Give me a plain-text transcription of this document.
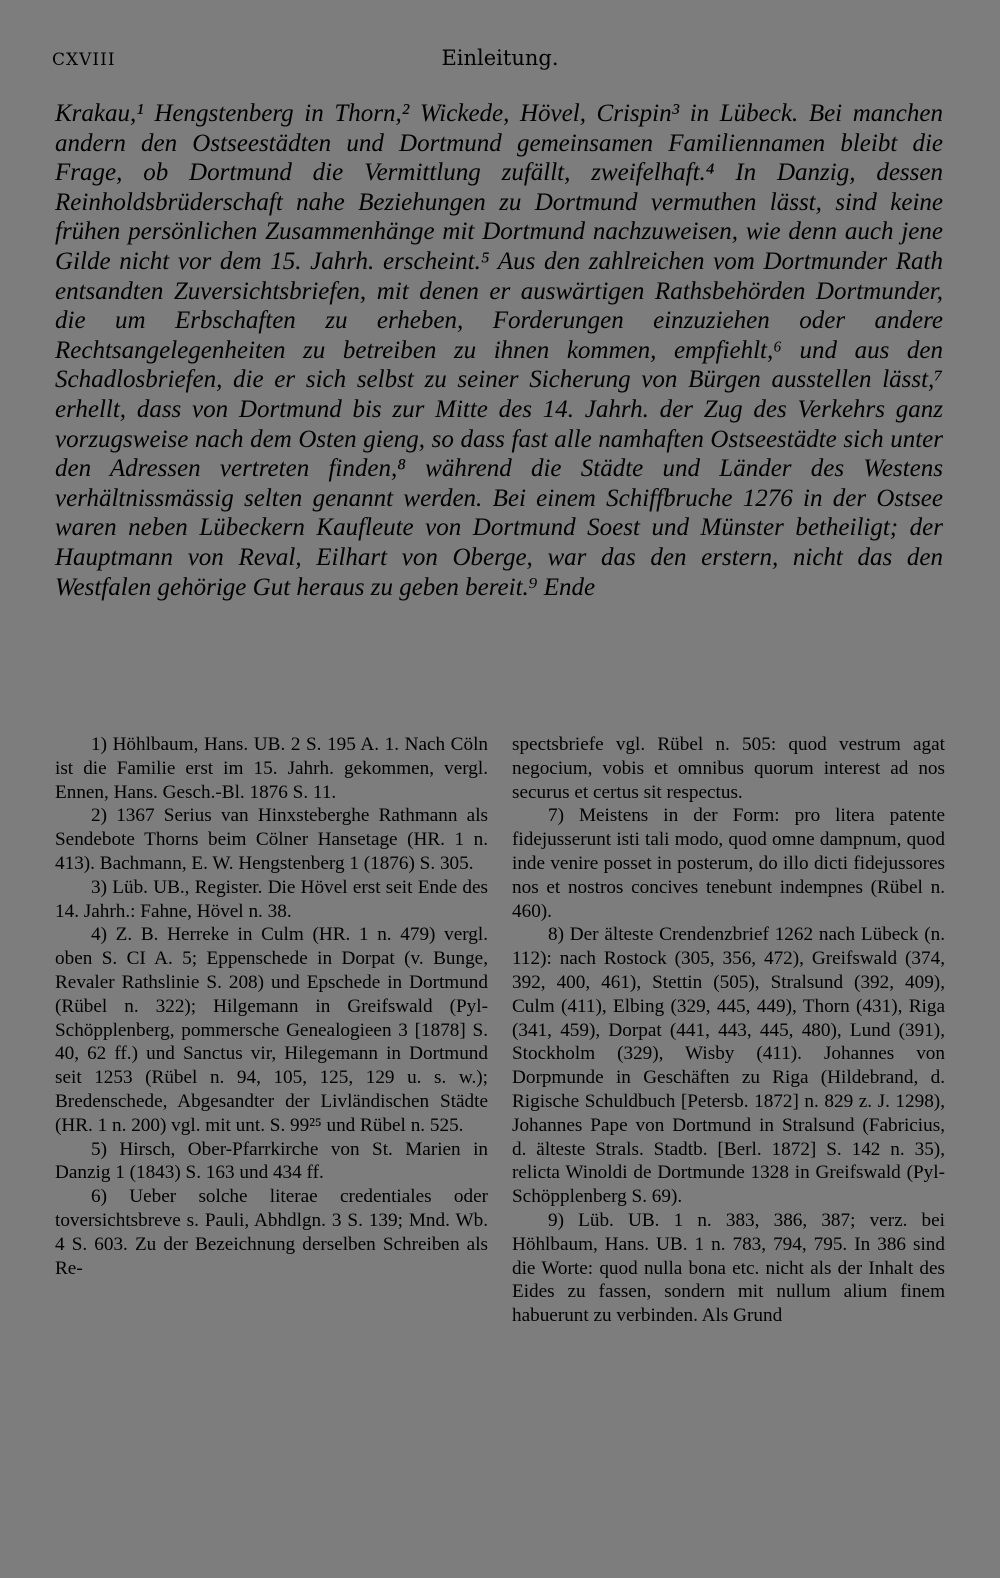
CXVIII	Einleitung.

Krakau,¹ Hengstenberg in Thorn,² Wickede, Hövel, Crispin³ in Lübeck. Bei manchen andern den Ostseestädten und Dortmund gemeinsamen Familiennamen bleibt die Frage, ob Dortmund die Vermittlung zufällt, zweifelhaft.⁴ In Danzig, dessen Reinholdsbrüderschaft nahe Beziehungen zu Dortmund vermuthen lässt, sind keine frühen persönlichen Zusammenhänge mit Dortmund nachzuweisen, wie denn auch jene Gilde nicht vor dem 15. Jahrh. erscheint.⁵ Aus den zahlreichen vom Dortmunder Rath entsandten Zuversichtsbriefen, mit denen er auswärtigen Rathsbehörden Dortmunder, die um Erbschaften zu erheben, Forderungen einzuziehen oder andere Rechtsangelegenheiten zu betreiben zu ihnen kommen, empfiehlt,⁶ und aus den Schadlosbriefen, die er sich selbst zu seiner Sicherung von Bürgen ausstellen lässt,⁷ erhellt, dass von Dortmund bis zur Mitte des 14. Jahrh. der Zug des Verkehrs ganz vorzugsweise nach dem Osten gieng, so dass fast alle namhaften Ostseestädte sich unter den Adressen vertreten finden,⁸ während die Städte und Länder des Westens verhältnissmässig selten genannt werden. Bei einem Schiffbruche 1276 in der Ostsee waren neben Lübeckern Kaufleute von Dortmund Soest und Münster betheiligt; der Hauptmann von Reval, Eilhart von Oberge, war das den erstern, nicht das den Westfalen gehörige Gut heraus zu geben bereit.⁹ Ende

1) Höhlbaum, Hans. UB. 2 S. 195 A. 1. Nach Cöln ist die Familie erst im 15. Jahrh. gekommen, vergl. Ennen, Hans. Gesch.-Bl. 1876 S. 11.

2) 1367 Serius van Hinxsteberghe Rathmann als Sendebote Thorns beim Cölner Hansetage (HR. 1 n. 413). Bachmann, E. W. Hengstenberg 1 (1876) S. 305.

3) Lüb. UB., Register. Die Hövel erst seit Ende des 14. Jahrh.: Fahne, Hövel n. 38.

4) Z. B. Herreke in Culm (HR. 1 n. 479) vergl. oben S. CI A. 5; Eppenschede in Dorpat (v. Bunge, Revaler Rathslinie S. 208) und Epschede in Dortmund (Rübel n. 322); Hilgemann in Greifswald (Pyl-Schöpplenberg, pommersche Genealogieen 3 [1878] S. 40, 62 ff.) und Sanctus vir, Hilegemann in Dortmund seit 1253 (Rübel n. 94, 105, 125, 129 u. s. w.); Bredenschede, Abgesandter der Livländischen Städte (HR. 1 n. 200) vgl. mit unt. S. 99²⁵ und Rübel n. 525.

5) Hirsch, Ober-Pfarrkirche von St. Marien in Danzig 1 (1843) S. 163 und 434 ff.

6) Ueber solche literae credentiales oder toversichtsbreve s. Pauli, Abhdlgn. 3 S. 139; Mnd. Wb. 4 S. 603. Zu der Bezeichnung derselben Schreiben als Re-

spectsbriefe vgl. Rübel n. 505: quod vestrum agat negocium, vobis et omnibus quorum interest ad nos securus et certus sit respectus.

7) Meistens in der Form: pro litera patente fidejusserunt isti tali modo, quod omne dampnum, quod inde venire posset in posterum, do illo dicti fidejussores nos et nostros concives tenebunt indempnes (Rübel n. 460).

8) Der älteste Crendenzbrief 1262 nach Lübeck (n. 112): nach Rostock (305, 356, 472), Greifswald (374, 392, 400, 461), Stettin (505), Stralsund (392, 409), Culm (411), Elbing (329, 445, 449), Thorn (431), Riga (341, 459), Dorpat (441, 443, 445, 480), Lund (391), Stockholm (329), Wisby (411). Johannes von Dorpmunde in Geschäften zu Riga (Hildebrand, d. Rigische Schuldbuch [Petersb. 1872] n. 829 z. J. 1298), Johannes Pape von Dortmund in Stralsund (Fabricius, d. älteste Strals. Stadtb. [Berl. 1872] S. 142 n. 35), relicta Winoldi de Dortmunde 1328 in Greifswald (Pyl-Schöpplenberg S. 69).

9) Lüb. UB. 1 n. 383, 386, 387; verz. bei Höhlbaum, Hans. UB. 1 n. 783, 794, 795. In 386 sind die Worte: quod nulla bona etc. nicht als der Inhalt des Eides zu fassen, sondern mit nullum alium finem habuerunt zu verbinden. Als Grund
